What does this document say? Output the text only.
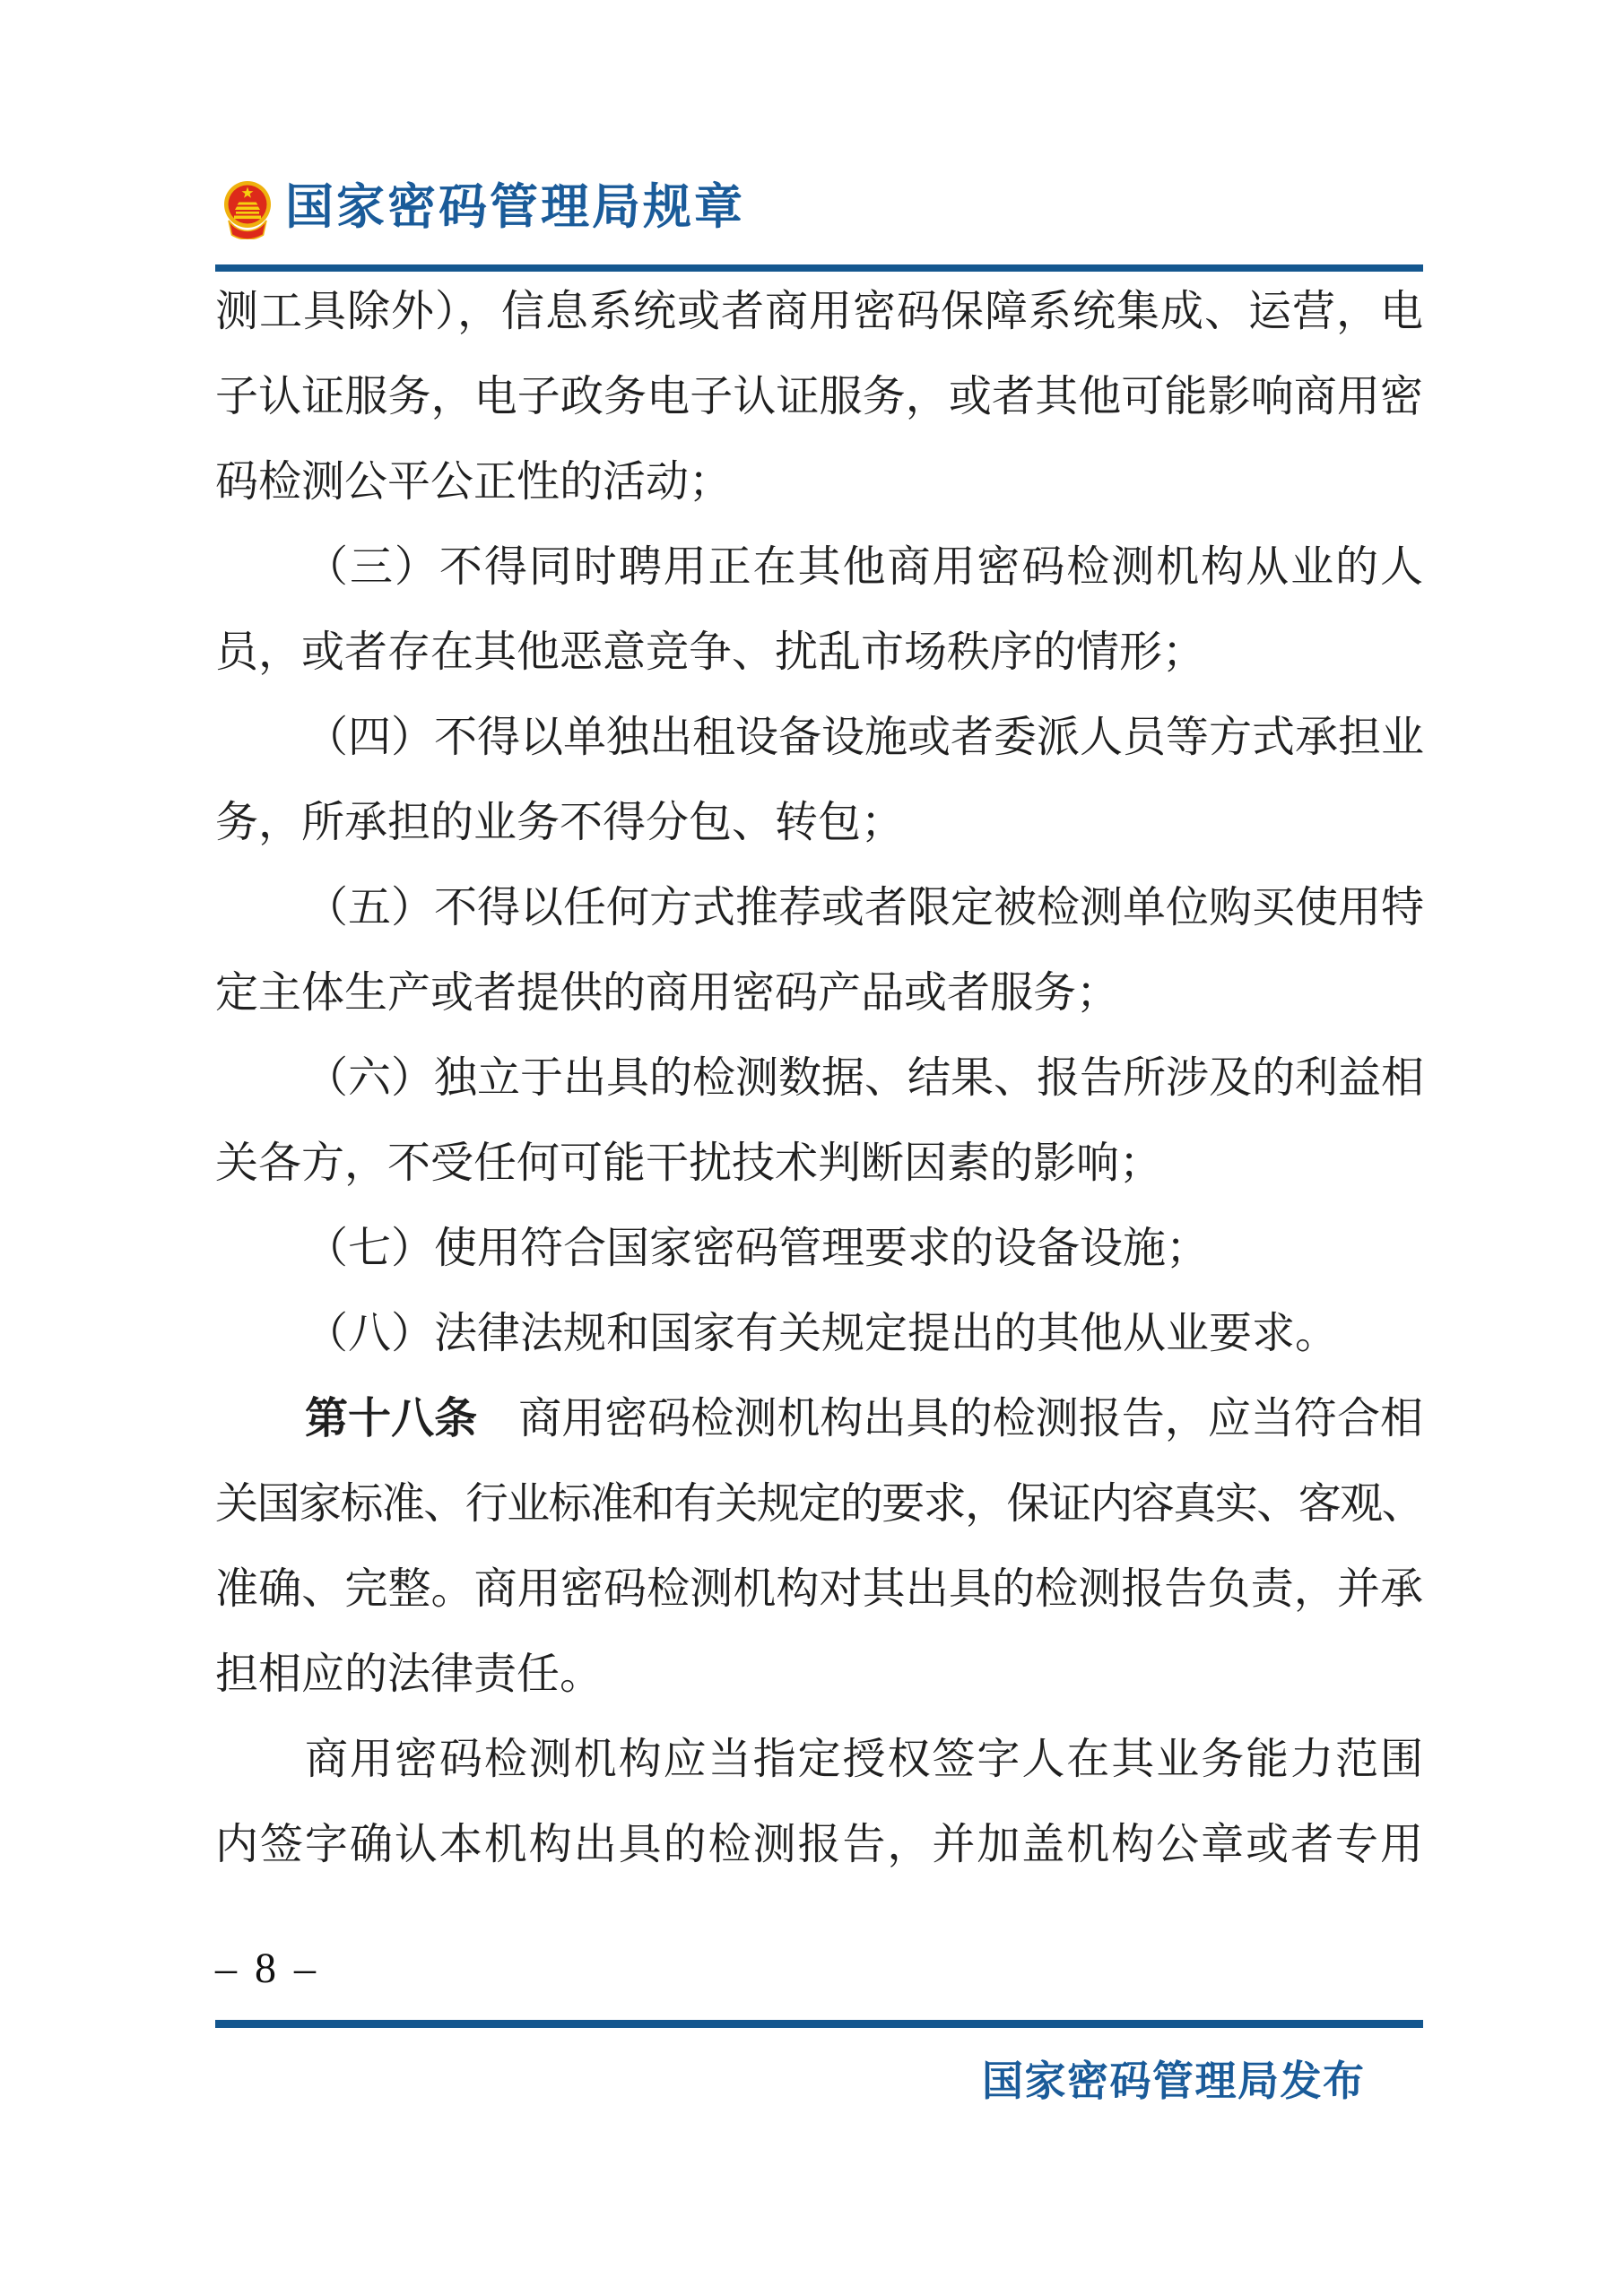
国家密码管理局规章
测工具除外），信息系统或者商用密码保障系统集成、运营，电
子认证服务，电子政务电子认证服务，或者其他可能影响商用密
码检测公平公正性的活动；
（三）不得同时聘用正在其他商用密码检测机构从业的人
员，或者存在其他恶意竞争、扰乱市场秩序的情形；
（四）不得以单独出租设备设施或者委派人员等方式承担业
务，所承担的业务不得分包、转包；
（五）不得以任何方式推荐或者限定被检测单位购买使用特
定主体生产或者提供的商用密码产品或者服务；
（六）独立于出具的检测数据、结果、报告所涉及的利益相
关各方，不受任何可能干扰技术判断因素的影响；
（七）使用符合国家密码管理要求的设备设施；
（八）法律法规和国家有关规定提出的其他从业要求。
第十八条 商用密码检测机构出具的检测报告，应当符合相
关国家标准、行业标准和有关规定的要求，保证内容真实、客观、
准确、完整。商用密码检测机构对其出具的检测报告负责，并承
担相应的法律责任。
商用密码检测机构应当指定授权签字人在其业务能力范围
内签字确认本机构出具的检测报告，并加盖机构公章或者专用
– 8 –
国家密码管理局发布
